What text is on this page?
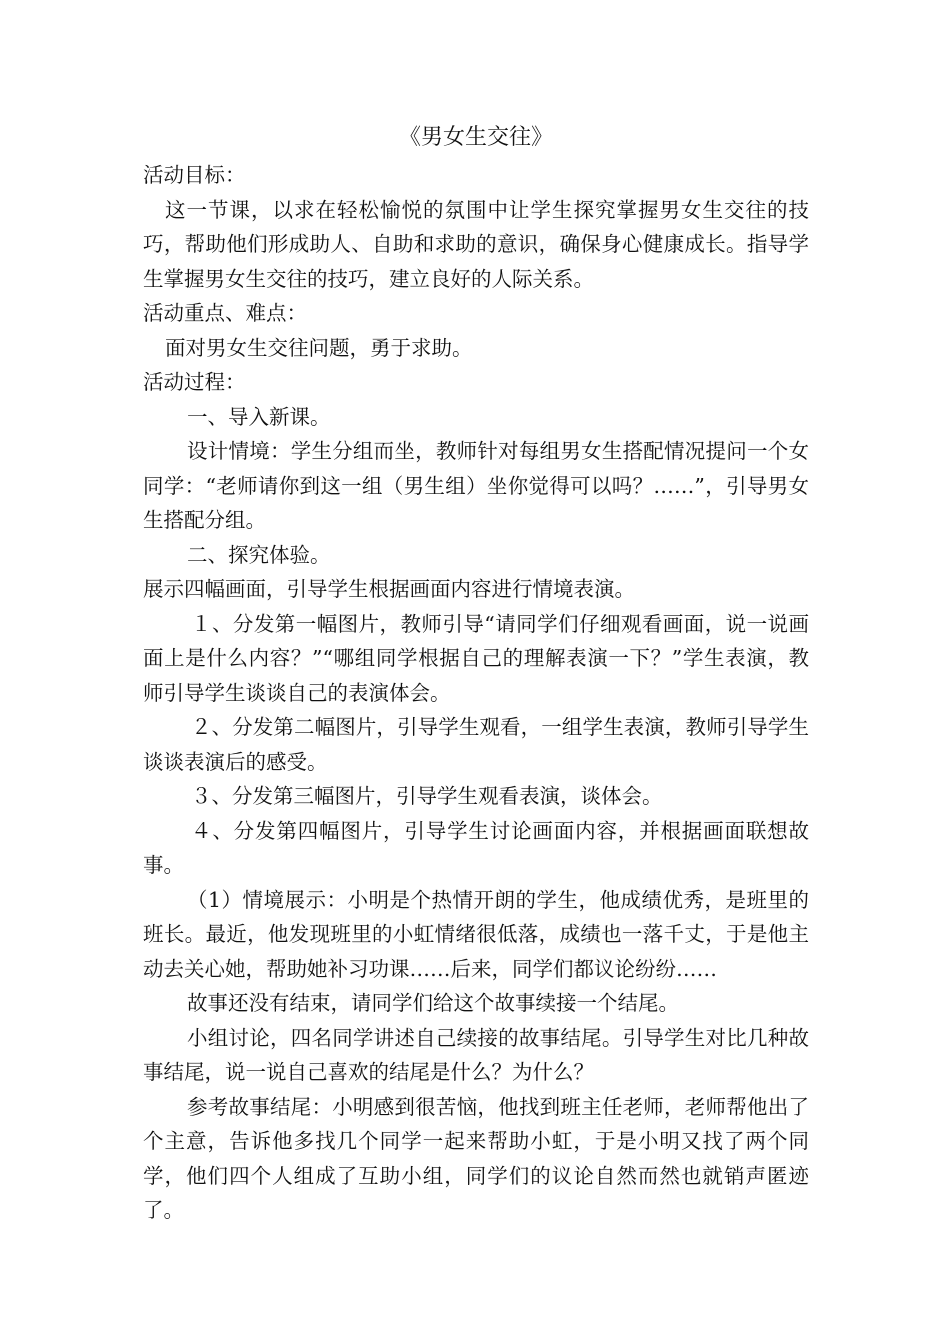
《男女生交往》

活动目标：

这一节课，以求在轻松愉悦的氛围中让学生探究掌握男女生交往的技巧，帮助他们形成助人、自助和求助的意识，确保身心健康成长。指导学生掌握男女生交往的技巧，建立良好的人际关系。

活动重点、难点：

面对男女生交往问题，勇于求助。

活动过程：

一、导入新课。

设计情境：学生分组而坐，教师针对每组男女生搭配情况提问一个女同学：“老师请你到这一组（男生组）坐你觉得可以吗？……”，引导男女生搭配分组。

二、探究体验。

展示四幅画面，引导学生根据画面内容进行情境表演。

１、分发第一幅图片，教师引导“请同学们仔细观看画面，说一说画面上是什么内容？”“哪组同学根据自己的理解表演一下？”学生表演，教师引导学生谈谈自己的表演体会。

２、分发第二幅图片，引导学生观看，一组学生表演，教师引导学生谈谈表演后的感受。

３、分发第三幅图片，引导学生观看表演，谈体会。

４、分发第四幅图片，引导学生讨论画面内容，并根据画面联想故事。

（1）情境展示：小明是个热情开朗的学生，他成绩优秀，是班里的班长。最近，他发现班里的小虹情绪很低落，成绩也一落千丈，于是他主动去关心她，帮助她补习功课……后来，同学们都议论纷纷……

故事还没有结束，请同学们给这个故事续接一个结尾。

小组讨论，四名同学讲述自己续接的故事结尾。引导学生对比几种故事结尾，说一说自己喜欢的结尾是什么？为什么？

参考故事结尾：小明感到很苦恼，他找到班主任老师，老师帮他出了个主意，告诉他多找几个同学一起来帮助小虹，于是小明又找了两个同学，他们四个人组成了互助小组，同学们的议论自然而然也就销声匿迹了。
